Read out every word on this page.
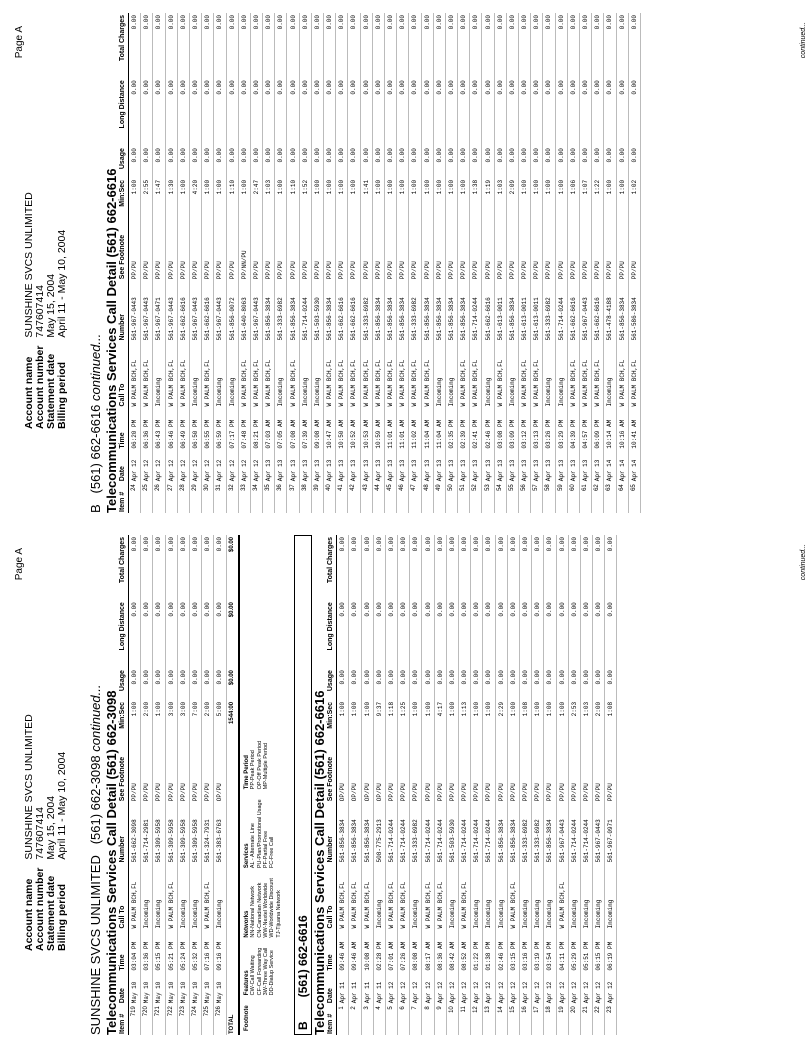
Page A
Account name	SUNSHINE SVCS UNLIMITED
Account number	747607414
Statement date	May 15, 2004
Billing period	April 11 - May 10, 2004
SUNSHINE SVCS UNLIMITED   (561) 662-3098 continued... Telecommunications Services Call Detail (561) 662-3098 Item #	Date	Time	Call To	Number	See Footnote	Min:Sec	Usage	Long Distance	Total Charges
719	May 10	03:04 PM	W PALM BCH,FL	561-662-3098	PP/PU	1:00	0.00	0.00	0.00
720	May 10	03:36 PM	Incoming	561-714-2981	PP/PU	2:00	0.00	0.00	0.00
721	May 10	05:15 PM	Incoming	561-309-5958	PP/PU	1:00	0.00	0.00	0.00
722	May 10	05:21 PM	W PALM BCH,FL	561-309-5958	PP/PU	3:00	0.00	0.00	0.00
723	May 10	05:24 PM	Incoming	561-309-5958	PP/PU	3:00	0.00	0.00	0.00
724	May 10	05:32 PM	Incoming	561-309-5958	PP/PU	7:00	0.00	0.00	0.00
725	May 10	07:16 PM	W PALM BCH,FL	561-324-7931	PP/PU	2:00	0.00	0.00	0.00
726	May 10	09:16 PM	Incoming	561-383-6763	OP/PU	5:00	0.00	0.00	0.00
TOTAL						1544:00	$0.00	$0.00	$0.00
Footnote
Features
CW-Call Waiting
CF-Call Forwarding
3W-Three Way Call
DD-Dialup Service
Networks
NN-National Network
CN-Canadian Network
WW-Nextel Worldwide
WD-Worldwide Discount
TJ-Tijuana Network
Services
AL - Alternate Line
PU-Plan/Promotional Usage
PF-Partial Free
FC-Free Call
Time Period
PP-Peak Period
OP-Off Peak Period
MP-Multiple Period
B
(561) 662-6616 Telecommunications Services Call Detail (561) 662-6616 Item #	Date	Time	Call To	Number	See Footnote	Min:Sec	Usage	Long Distance	Total Charges
1	Apr 11	09:46 AM	W PALM BCH,FL	561-856-3834	OP/PU	1:00	0.00	0.00	0.00
2	Apr 11	09:46 AM	W PALM BCH,FL	561-856-3834	OP/PU	1:00	0.00	0.00	0.00
3	Apr 11	10:08 AM	W PALM BCH,FL	561-856-3834	OP/PU	1:00	0.00	0.00	0.00
4	Apr 11	02:28 PM	Incoming	508-775-2913	OP/PU	9:37	0.00	0.00	0.00
5	Apr 12	07:01 AM	W PALM BCH,FL	561-714-0244	PP/PU	1:18	0.00	0.00	0.00
6	Apr 12	07:26 AM	W PALM BCH,FL	561-714-0244	PP/PU	1:25	0.00	0.00	0.00
7	Apr 12	08:08 AM	Incoming	561-333-6982	PP/PU	1:00	0.00	0.00	0.00
8	Apr 12	08:17 AM	W PALM BCH,FL	561-714-0244	PP/PU	1:00	0.00	0.00	0.00
9	Apr 12	08:36 AM	W PALM BCH,FL	561-714-0244	PP/PU	4:17	0.00	0.00	0.00
10	Apr 12	08:42 AM	Incoming	561-503-5930	PP/PU	1:00	0.00	0.00	0.00
11	Apr 12	08:52 AM	W PALM BCH,FL	561-714-0244	PP/PU	1:13	0.00	0.00	0.00
12	Apr 12	01:22 PM	Incoming	561-714-0244	PP/PU	1:00	0.00	0.00	0.00
13	Apr 12	01:38 PM	Incoming	561-714-0244	PP/PU	1:00	0.00	0.00	0.00
14	Apr 12	02:46 PM	Incoming	561-856-3834	PP/PU	2:29	0.00	0.00	0.00
15	Apr 12	03:15 PM	W PALM BCH,FL	561-856-3834	PP/PU	1:00	0.00	0.00	0.00
16	Apr 12	03:16 PM	Incoming	561-333-6982	PP/PU	1:08	0.00	0.00	0.00
17	Apr 12	03:19 PM	Incoming	561-333-6982	PP/PU	1:00	0.00	0.00	0.00
18	Apr 12	03:54 PM	Incoming	561-856-3834	PP/PU	1:00	0.00	0.00	0.00
19	Apr 12	04:11 PM	W PALM BCH,FL	561-967-0443	PP/PU	1:00	0.00	0.00	0.00
20	Apr 12	05:29 PM	Incoming	561-714-0244	PP/PU	2:53	0.00	0.00	0.00
21	Apr 12	05:51 PM	Incoming	561-714-0244	PP/PU	1:03	0.00	0.00	0.00
22	Apr 12	06:15 PM	Incoming	561-967-0443	PP/PU	2:00	0.00	0.00	0.00
23	Apr 12	06:19 PM	Incoming	561-967-0971	PP/PU	1:08	0.00	0.00	0.00	continued...
Page A
Account name	SUNSHINE SVCS UNLIMITED
Account number	747607414
Statement date	May 15, 2004
Billing period	April 11 - May 10, 2004
B   (561) 662-6616 continued... Telecommunications Services Call Detail (561) 662-6616 Item #	Date	Time	Call To	Number	See Footnote	Min:Sec	Usage	Long Distance	Total Charges
24	Apr 12	06:20 PM	W PALM BCH,FL	561-967-0443	PP/PU	1:00	0.00	0.00	0.00
25	Apr 12	06:36 PM	W PALM BCH,FL	561-967-0443	PP/PU	2:55	0.00	0.00	0.00
26	Apr 12	06:43 PM	Incoming	561-967-0471	PP/PU	1:47	0.00	0.00	0.00
27	Apr 12	06:46 PM	W PALM BCH,FL	561-967-0443	PP/PU	1:30	0.00	0.00	0.00
28	Apr 12	06:49 PM	W PALM BCH,FL	561-662-6616	PP/PU	1:00	0.00	0.00	0.00
29	Apr 12	06:50 PM	Incoming	561-967-0443	PP/PU	4:20	0.00	0.00	0.00
30	Apr 12	06:55 PM	W PALM BCH,FL	561-662-6616	PP/PU	1:00	0.00	0.00	0.00
31	Apr 12	06:59 PM	Incoming	561-967-0443	PP/PU	1:00	0.00	0.00	0.00
32	Apr 12	07:17 PM	Incoming	561-856-0072	PP/PU	1:10	0.00	0.00	0.00
33	Apr 12	07:48 PM	W PALM BCH,FL	561-640-8063	PP/NN/PU	1:00	0.00	0.00	0.00
34	Apr 12	08:21 PM	W PALM BCH,FL	561-967-0443	PP/PU	2:47	0.00	0.00	0.00
35	Apr 13	07:03 AM	W PALM BCH,FL	561-856-3834	PP/PU	1:03	0.00	0.00	0.00
36	Apr 13	07:05 AM	Incoming	561-333-6982	PP/PU	1:00	0.00	0.00	0.00
37	Apr 13	07:08 AM	W PALM BCH,FL	561-856-3834	PP/PU	1:10	0.00	0.00	0.00
38	Apr 13	07:39 AM	Incoming	561-714-0244	PP/PU	1:52	0.00	0.00	0.00
39	Apr 13	09:08 AM	Incoming	561-503-5930	PP/PU	1:00	0.00	0.00	0.00
40	Apr 13	10:47 AM	W PALM BCH,FL	561-856-3834	PP/PU	1:00	0.00	0.00	0.00
41	Apr 13	10:50 AM	W PALM BCH,FL	561-662-6616	PP/PU	1:00	0.00	0.00	0.00
42	Apr 13	10:52 AM	W PALM BCH,FL	561-662-6616	PP/PU	1:00	0.00	0.00	0.00
43	Apr 13	10:53 AM	W PALM BCH,FL	561-333-6982	PP/PU	1:41	0.00	0.00	0.00
44	Apr 13	10:59 AM	W PALM BCH,FL	561-856-3834	PP/PU	1:00	0.00	0.00	0.00
45	Apr 13	11:01 AM	W PALM BCH,FL	561-856-3834	PP/PU	1:00	0.00	0.00	0.00
46	Apr 13	11:01 AM	W PALM BCH,FL	561-856-3834	PP/PU	1:00	0.00	0.00	0.00
47	Apr 13	11:02 AM	W PALM BCH,FL	561-333-6982	PP/PU	1:00	0.00	0.00	0.00
48	Apr 13	11:04 AM	W PALM BCH,FL	561-856-3834	PP/PU	1:00	0.00	0.00	0.00
49	Apr 13	11:04 AM	Incoming	561-856-3834	PP/PU	1:00	0.00	0.00	0.00
50	Apr 13	02:35 PM	Incoming	561-856-3834	PP/PU	1:00	0.00	0.00	0.00
51	Apr 13	02:39 PM	W PALM BCH,FL	561-856-3834	PP/PU	1:00	0.00	0.00	0.00
52	Apr 13	02:41 PM	W PALM BCH,FL	561-714-0244	PP/PU	1:38	0.00	0.00	0.00
53	Apr 13	02:46 PM	Incoming	561-662-6616	PP/PU	1:19	0.00	0.00	0.00
54	Apr 13	03:08 PM	W PALM BCH,FL	561-613-0011	PP/PU	1:03	0.00	0.00	0.00
55	Apr 13	03:09 PM	Incoming	561-856-3834	PP/PU	2:09	0.00	0.00	0.00
56	Apr 13	03:12 PM	W PALM BCH,FL	561-613-0011	PP/PU	1:00	0.00	0.00	0.00
57	Apr 13	03:13 PM	W PALM BCH,FL	561-613-0011	PP/PU	1:00	0.00	0.00	0.00
58	Apr 13	03:26 PM	Incoming	561-333-6982	PP/PU	1:00	0.00	0.00	0.00
59	Apr 13	03:29 PM	Incoming	561-714-0244	PP/PU	1:00	0.00	0.00	0.00
60	Apr 13	04:39 PM	W PALM BCH,FL	561-662-6616	PP/PU	1:06	0.00	0.00	0.00
61	Apr 13	04:57 PM	W PALM BCH,FL	561-967-0443	PP/PU	1:07	0.00	0.00	0.00
62	Apr 13	06:09 PM	W PALM BCH,FL	561-662-6616	PP/PU	1:22	0.00	0.00	0.00
63	Apr 14	10:14 AM	Incoming	561-478-4188	PP/PU	1:00	0.00	0.00	0.00
64	Apr 14	10:16 AM	W PALM BCH,FL	561-856-3834	PP/PU	1:00	0.00	0.00	0.00
65	Apr 14	10:41 AM	W PALM BCH,FL	561-586-3834	PP/PU	1:02	0.00	0.00	0.00	continued...
